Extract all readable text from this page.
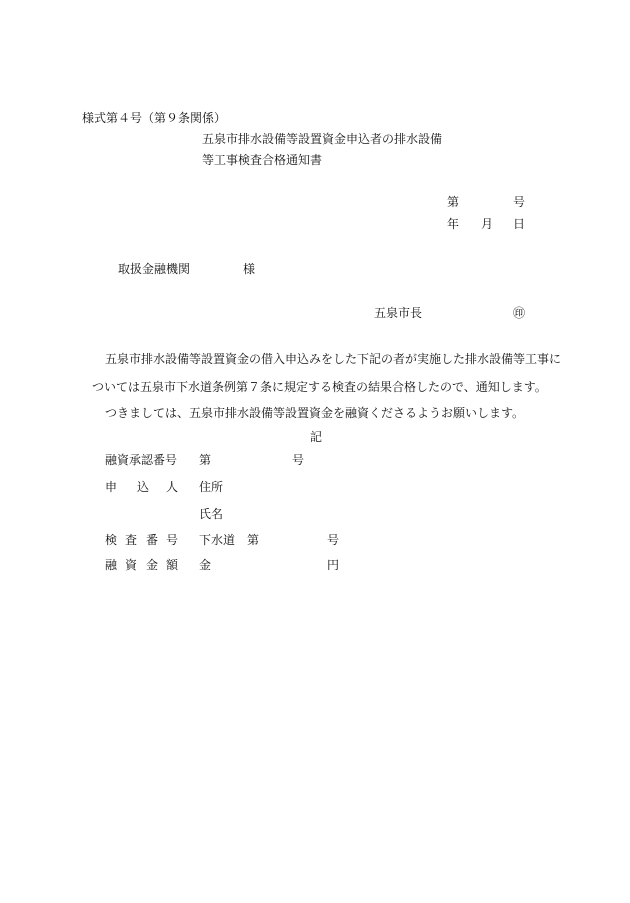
様式第４号（第９条関係）
五泉市排水設備等設置資金申込者の排水設備
等工事検査合格通知書
第	号
年 月 日
取扱金融機関	様
五泉市長	㊞
五泉市排水設備等設置資金の借入申込みをした下記の者が実施した排水設備等工事に
ついては五泉市下水道条例第７条に規定する検査の結果合格したので、通知します。
つきましては、五泉市排水設備等設置資金を融資くださるようお願いします。
記
融資承認番号 第	号
申 込 人 住所
氏名
検 査 番 号 下水道　第	号
融 資 金 額 金	円
